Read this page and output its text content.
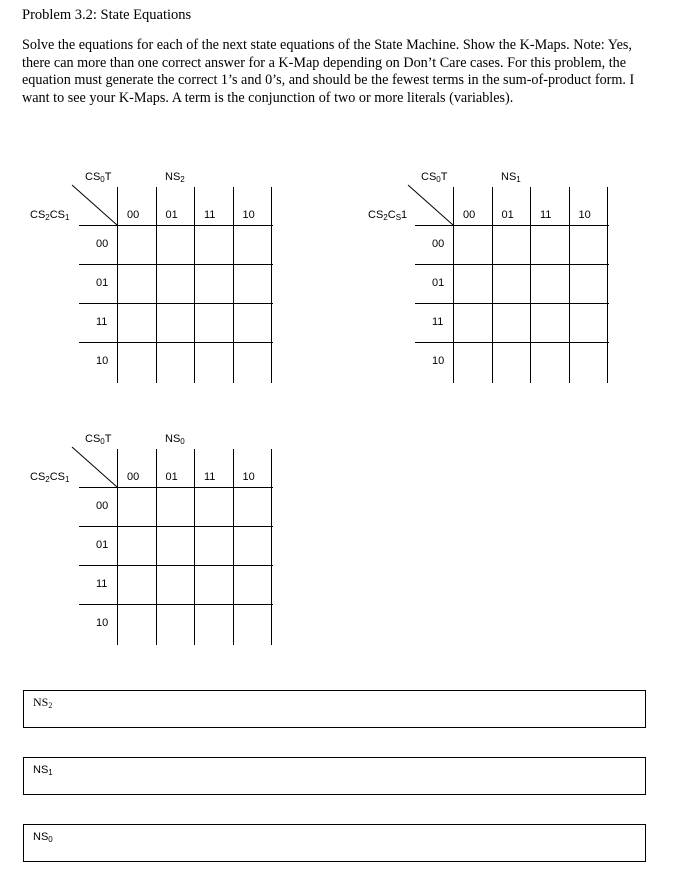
Problem 3.2: State Equations
Solve the equations for each of the next state equations of the State Machine. Show the K-Maps. Note: Yes, there can more than one correct answer for a K-Map depending on Don’t Care cases. For this problem, the equation must generate the correct 1’s and 0’s, and should be the fewest terms in the sum-of-product form. I want to see your K-Maps. A term is the conjunction of two or more literals (variables).
$NS_2$
$CS_0T$
$CS_2CS_1$	00 01 11 10
00
01
11
10
$NS_1$
$CS_0T$
$CS_2C_S1$	00 01 11 10
00
01
11
10
$NS_0$
$CS_0T$
$CS_2CS_1$	00 01 11 10
00
01
11
10
$NS_2$
$NS_1$
$NS_0$
